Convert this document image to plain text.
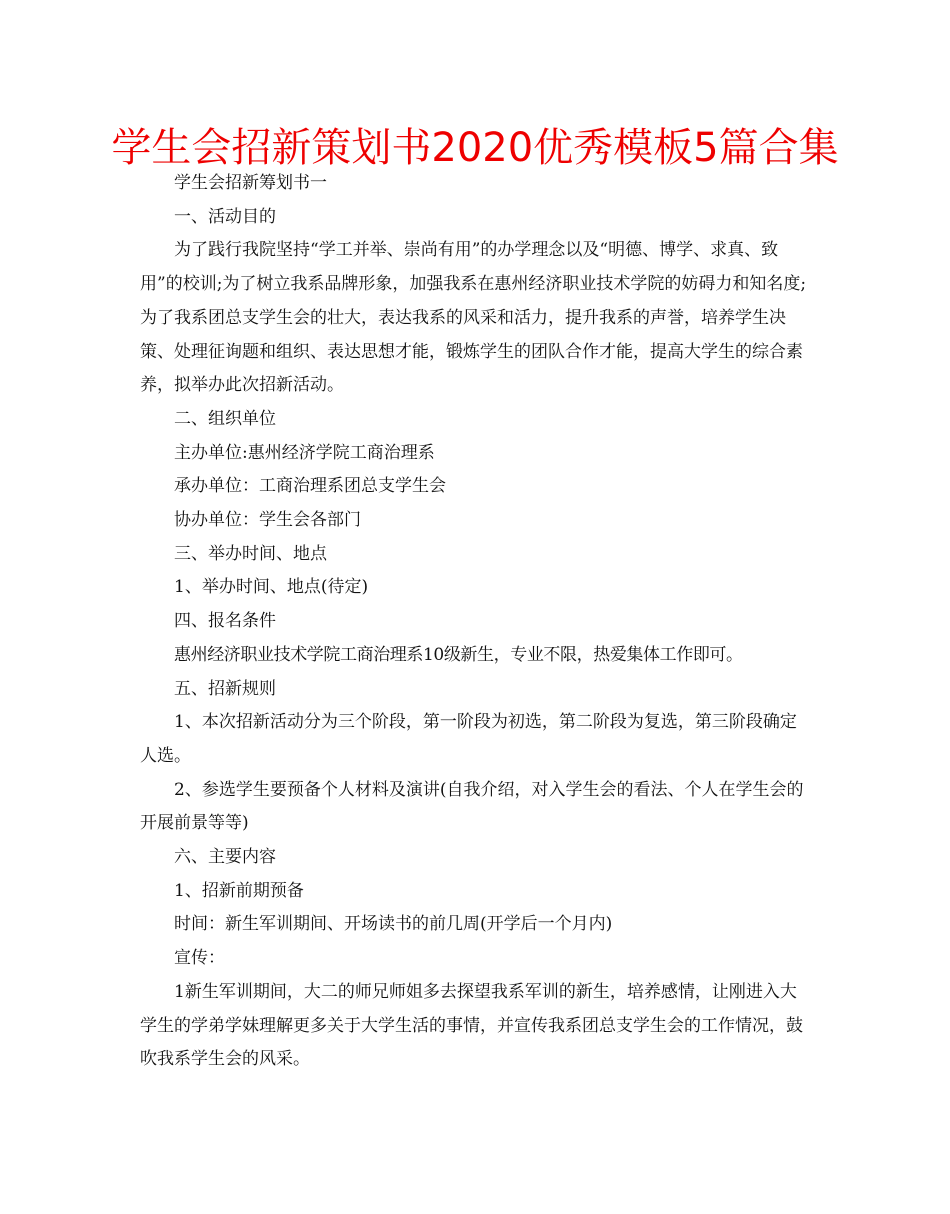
学生会招新策划书2020优秀模板5篇合集

学生会招新筹划书一

一、活动目的

为了践行我院坚持“学工并举、崇尚有用”的办学理念以及“明德、博学、求真、致用”的校训;为了树立我系品牌形象，加强我系在惠州经济职业技术学院的妨碍力和知名度;为了我系团总支学生会的壮大，表达我系的风采和活力，提升我系的声誉，培养学生决策、处理征询题和组织、表达思想才能，锻炼学生的团队合作才能，提高大学生的综合素养，拟举办此次招新活动。

二、组织单位

主办单位:惠州经济学院工商治理系

承办单位：工商治理系团总支学生会

协办单位：学生会各部门

三、举办时间、地点

1、举办时间、地点(待定)

四、报名条件

惠州经济职业技术学院工商治理系10级新生，专业不限，热爱集体工作即可。

五、招新规则

1、本次招新活动分为三个阶段，第一阶段为初选，第二阶段为复选，第三阶段确定人选。

2、参选学生要预备个人材料及演讲(自我介绍，对入学生会的看法、个人在学生会的开展前景等等)

六、主要内容

1、招新前期预备

时间：新生军训期间、开场读书的前几周(开学后一个月内)

宣传：

1新生军训期间，大二的师兄师姐多去探望我系军训的新生，培养感情，让刚进入大学生的学弟学妹理解更多关于大学生活的事情，并宣传我系团总支学生会的工作情况，鼓吹我系学生会的风采。
